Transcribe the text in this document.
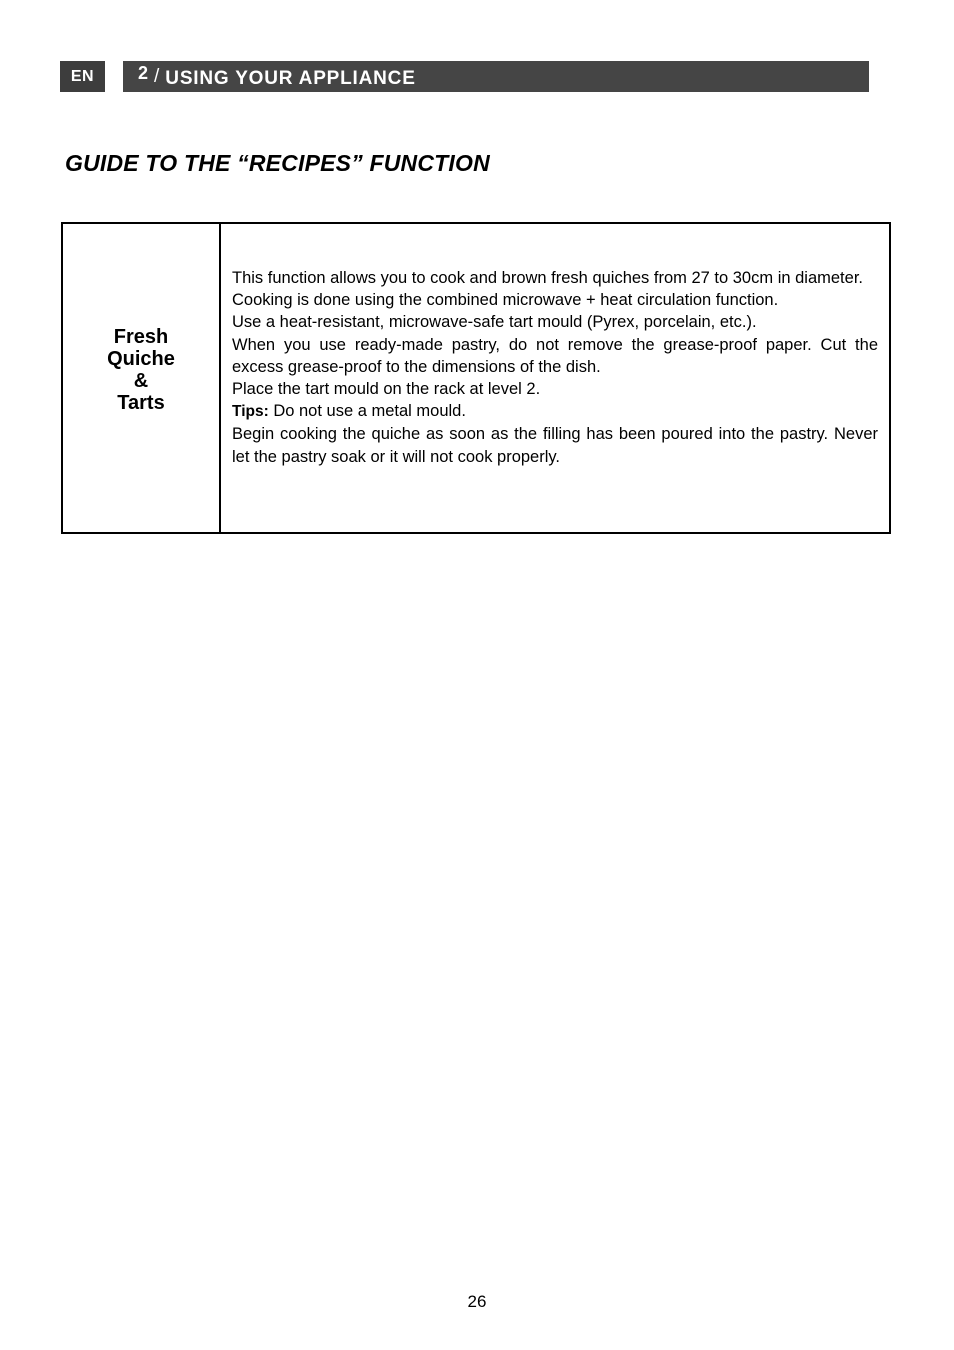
EN	2 / USING YOUR APPLIANCE
GUIDE TO THE “RECIPES” FUNCTION
Fresh
Quiche
&
Tarts

This function allows you to cook and brown fresh quiches from 27 to 30cm in diameter.

Cooking is done using the combined microwave + heat circulation function.

Use a heat-resistant, microwave-safe tart mould (Pyrex, porcelain, etc.).

When you use ready-made pastry, do not remove the grease-proof paper. Cut the excess grease-proof to the dimensions of the dish.

Place the tart mould on the rack at level 2.

Tips: Do not use a metal mould.

Begin cooking the quiche as soon as the filling has been poured into the pastry. Never let the pastry soak or it will not cook properly.

26
